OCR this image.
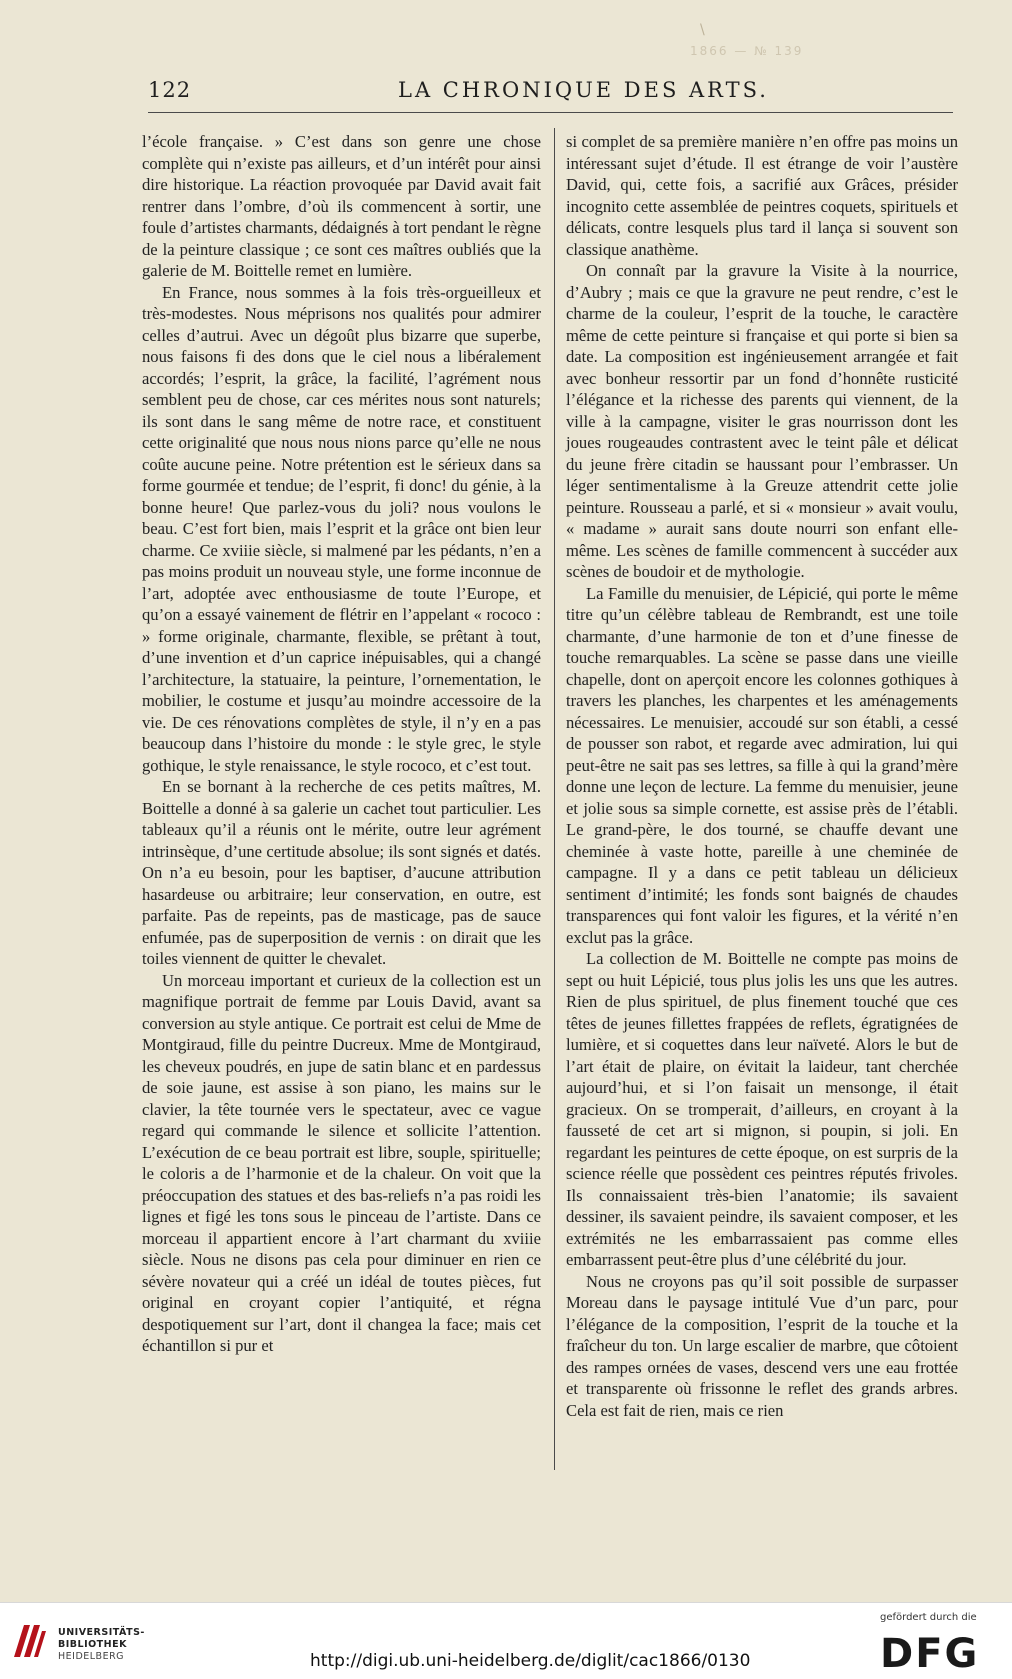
\
1866 — № 139
122	LA CHRONIQUE DES ARTS.

l’école française. » C’est dans son genre une chose complète qui n’existe pas ailleurs, et d’un intérêt pour ainsi dire historique. La réaction provoquée par David avait fait rentrer dans l’ombre, d’où ils commencent à sortir, une foule d’artistes charmants, dédaignés à tort pendant le règne de la peinture classique ; ce sont ces maîtres oubliés que la galerie de M. Boittelle remet en lumière.

En France, nous sommes à la fois très-orgueilleux et très-modestes. Nous méprisons nos qualités pour admirer celles d’autrui. Avec un dégoût plus bizarre que superbe, nous faisons fi des dons que le ciel nous a libéralement accordés; l’esprit, la grâce, la facilité, l’agrément nous semblent peu de chose, car ces mérites nous sont naturels; ils sont dans le sang même de notre race, et constituent cette originalité que nous nous nions parce qu’elle ne nous coûte aucune peine. Notre prétention est le sérieux dans sa forme gourmée et tendue; de l’esprit, fi donc! du génie, à la bonne heure! Que parlez-vous du joli? nous voulons le beau. C’est fort bien, mais l’esprit et la grâce ont bien leur charme. Ce xviiie siècle, si malmené par les pédants, n’en a pas moins produit un nouveau style, une forme inconnue de l’art, adoptée avec enthousiasme de toute l’Europe, et qu’on a essayé vainement de flétrir en l’appelant « rococo : » forme originale, charmante, flexible, se prêtant à tout, d’une invention et d’un caprice inépuisables, qui a changé l’architecture, la statuaire, la peinture, l’ornementation, le mobilier, le costume et jusqu’au moindre accessoire de la vie. De ces rénovations complètes de style, il n’y en a pas beaucoup dans l’histoire du monde : le style grec, le style gothique, le style renaissance, le style rococo, et c’est tout.

En se bornant à la recherche de ces petits maîtres, M. Boittelle a donné à sa galerie un cachet tout particulier. Les tableaux qu’il a réunis ont le mérite, outre leur agrément intrinsèque, d’une certitude absolue; ils sont signés et datés. On n’a eu besoin, pour les baptiser, d’aucune attribution hasardeuse ou arbitraire; leur conservation, en outre, est parfaite. Pas de repeints, pas de masticage, pas de sauce enfumée, pas de superposition de vernis : on dirait que les toiles viennent de quitter le chevalet.

Un morceau important et curieux de la collection est un magnifique portrait de femme par Louis David, avant sa conversion au style antique. Ce portrait est celui de Mme de Montgiraud, fille du peintre Ducreux. Mme de Montgiraud, les cheveux poudrés, en jupe de satin blanc et en pardessus de soie jaune, est assise à son piano, les mains sur le clavier, la tête tournée vers le spectateur, avec ce vague regard qui commande le silence et sollicite l’attention. L’exécution de ce beau portrait est libre, souple, spirituelle; le coloris a de l’harmonie et de la chaleur. On voit que la préoccupation des statues et des bas-reliefs n’a pas roidi les lignes et figé les tons sous le pinceau de l’artiste. Dans ce morceau il appartient encore à l’art charmant du xviiie siècle. Nous ne disons pas cela pour diminuer en rien ce sévère novateur qui a créé un idéal de toutes pièces, fut original en croyant copier l’antiquité, et régna despotiquement sur l’art, dont il changea la face; mais cet échantillon si pur et

si complet de sa première manière n’en offre pas moins un intéressant sujet d’étude. Il est étrange de voir l’austère David, qui, cette fois, a sacrifié aux Grâces, présider incognito cette assemblée de peintres coquets, spirituels et délicats, contre lesquels plus tard il lança si souvent son classique anathème.

On connaît par la gravure la Visite à la nourrice, d’Aubry ; mais ce que la gravure ne peut rendre, c’est le charme de la couleur, l’esprit de la touche, le caractère même de cette peinture si française et qui porte si bien sa date. La composition est ingénieusement arrangée et fait avec bonheur ressortir par un fond d’honnête rusticité l’élégance et la richesse des parents qui viennent, de la ville à la campagne, visiter le gras nourrisson dont les joues rougeaudes contrastent avec le teint pâle et délicat du jeune frère citadin se haussant pour l’embrasser. Un léger sentimentalisme à la Greuze attendrit cette jolie peinture. Rousseau a parlé, et si « monsieur » avait voulu, « madame » aurait sans doute nourri son enfant elle-même. Les scènes de famille commencent à succéder aux scènes de boudoir et de mythologie.

La Famille du menuisier, de Lépicié, qui porte le même titre qu’un célèbre tableau de Rembrandt, est une toile charmante, d’une harmonie de ton et d’une finesse de touche remarquables. La scène se passe dans une vieille chapelle, dont on aperçoit encore les colonnes gothiques à travers les planches, les charpentes et les aménagements nécessaires. Le menuisier, accoudé sur son établi, a cessé de pousser son rabot, et regarde avec admiration, lui qui peut-être ne sait pas ses lettres, sa fille à qui la grand’mère donne une leçon de lecture. La femme du menuisier, jeune et jolie sous sa simple cornette, est assise près de l’établi. Le grand-père, le dos tourné, se chauffe devant une cheminée à vaste hotte, pareille à une cheminée de campagne. Il y a dans ce petit tableau un délicieux sentiment d’intimité; les fonds sont baignés de chaudes transparences qui font valoir les figures, et la vérité n’en exclut pas la grâce.

La collection de M. Boittelle ne compte pas moins de sept ou huit Lépicié, tous plus jolis les uns que les autres. Rien de plus spirituel, de plus finement touché que ces têtes de jeunes fillettes frappées de reflets, égratignées de lumière, et si coquettes dans leur naïveté. Alors le but de l’art était de plaire, on évitait la laideur, tant cherchée aujourd’hui, et si l’on faisait un mensonge, il était gracieux. On se tromperait, d’ailleurs, en croyant à la fausseté de cet art si mignon, si poupin, si joli. En regardant les peintures de cette époque, on est surpris de la science réelle que possèdent ces peintres réputés frivoles. Ils connaissaient très-bien l’anatomie; ils savaient dessiner, ils savaient peindre, ils savaient composer, et les extrémités ne les embarrassaient pas comme elles embarrassent peut-être plus d’une célébrité du jour.

Nous ne croyons pas qu’il soit possible de surpasser Moreau dans le paysage intitulé Vue d’un parc, pour l’élégance de la composition, l’esprit de la touche et la fraîcheur du ton. Un large escalier de marbre, que côtoient des rampes ornées de vases, descend vers une eau frottée et transparente où frissonne le reflet des grands arbres. Cela est fait de rien, mais ce rien

UNIVERSITÄTS-
BIBLIOTHEK
HEIDELBERG	http://digi.ub.uni-heidelberg.de/diglit/cac1866/0130
gefördert durch die
DFG
